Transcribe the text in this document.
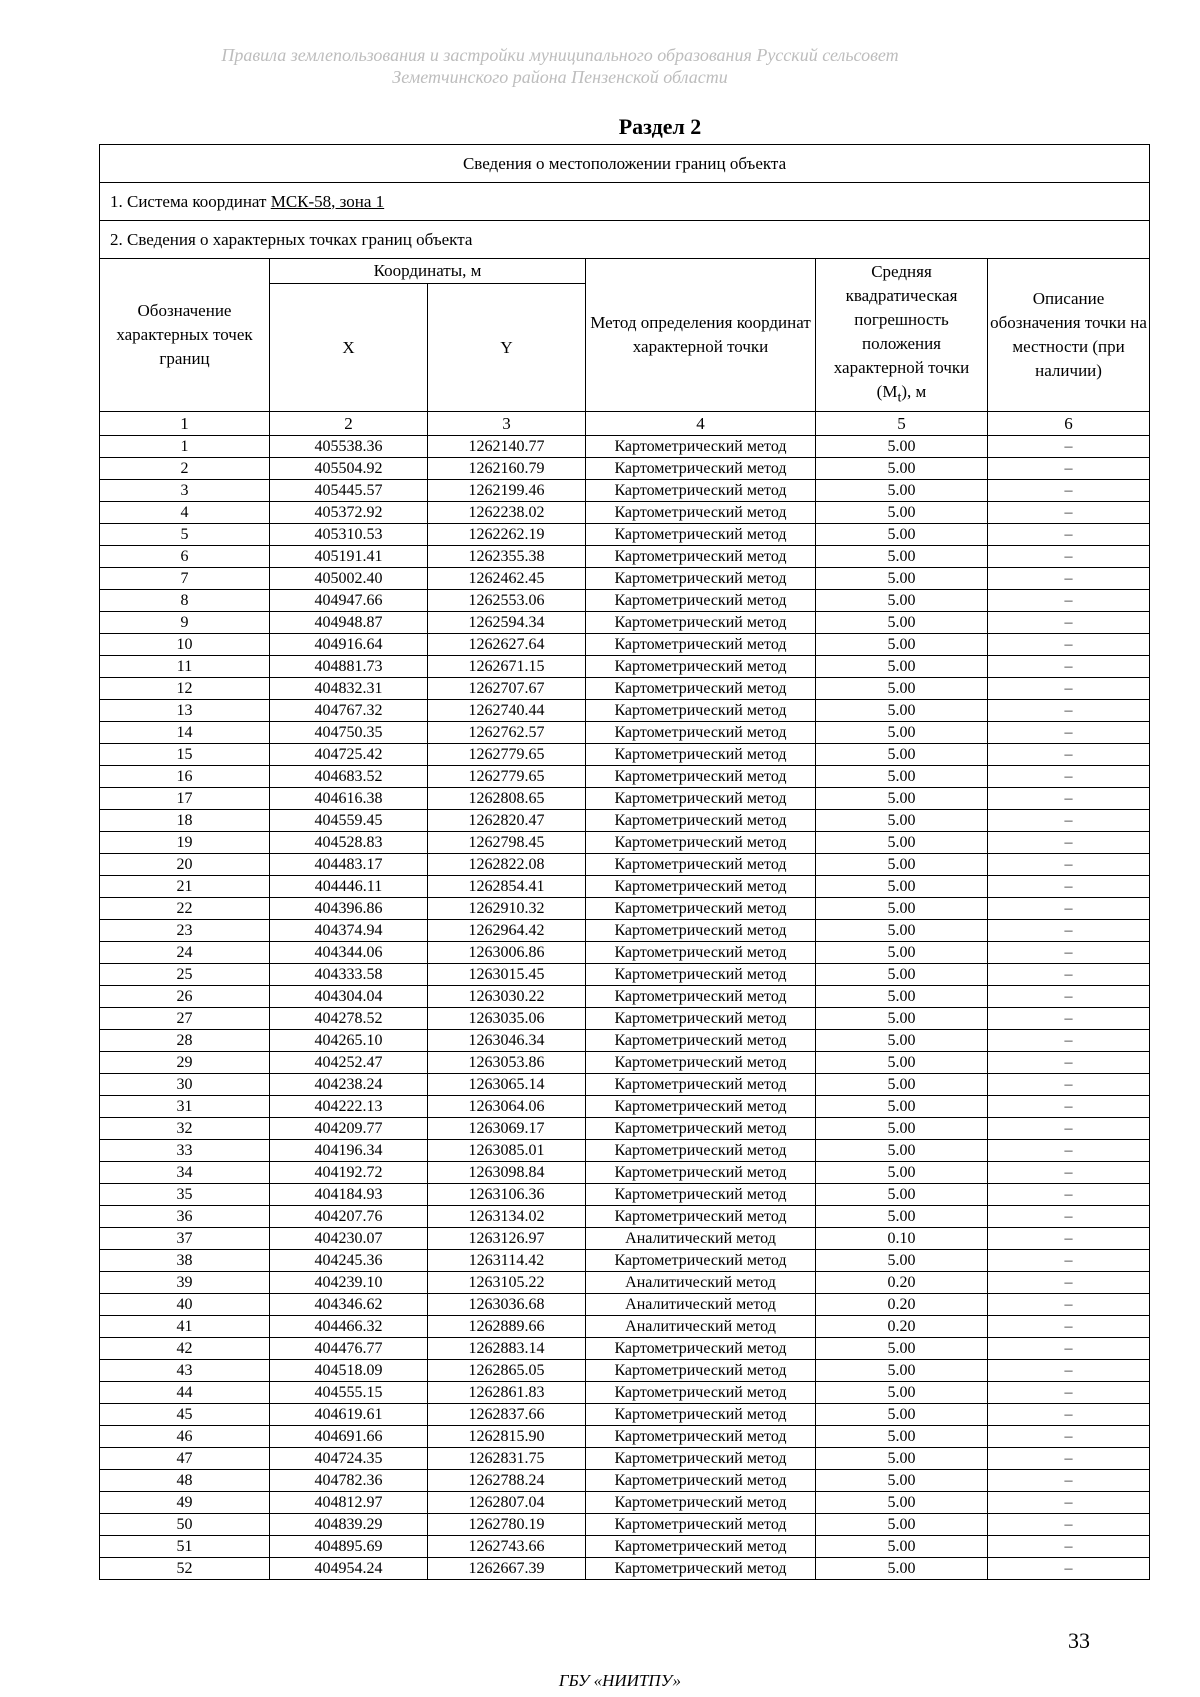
Правила землепользования и застройки муниципального образования Русский сельсовет
Земетчинского района Пензенской области
Раздел 2
Сведения о местоположении границ объекта					
1. Система координат МСК-58, зона 1					
2. Сведения о характерных точках границ объекта					
Обозначение характерных точек границ	Координаты, м		Метод определения координат характерной точки	Средняя квадратическая погрешность положения характерной точки $(M_t)$, м	Описание обозначения точки на местности (при наличии)
	X	Y			
1	2	3	4	5	6
1	405538.36	1262140.77	Картометрический метод	5.00	–
2	405504.92	1262160.79	Картометрический метод	5.00	–
3	405445.57	1262199.46	Картометрический метод	5.00	–
4	405372.92	1262238.02	Картометрический метод	5.00	–
5	405310.53	1262262.19	Картометрический метод	5.00	–
6	405191.41	1262355.38	Картометрический метод	5.00	–
7	405002.40	1262462.45	Картометрический метод	5.00	–
8	404947.66	1262553.06	Картометрический метод	5.00	–
9	404948.87	1262594.34	Картометрический метод	5.00	–
10	404916.64	1262627.64	Картометрический метод	5.00	–
11	404881.73	1262671.15	Картометрический метод	5.00	–
12	404832.31	1262707.67	Картометрический метод	5.00	–
13	404767.32	1262740.44	Картометрический метод	5.00	–
14	404750.35	1262762.57	Картометрический метод	5.00	–
15	404725.42	1262779.65	Картометрический метод	5.00	–
16	404683.52	1262779.65	Картометрический метод	5.00	–
17	404616.38	1262808.65	Картометрический метод	5.00	–
18	404559.45	1262820.47	Картометрический метод	5.00	–
19	404528.83	1262798.45	Картометрический метод	5.00	–
20	404483.17	1262822.08	Картометрический метод	5.00	–
21	404446.11	1262854.41	Картометрический метод	5.00	–
22	404396.86	1262910.32	Картометрический метод	5.00	–
23	404374.94	1262964.42	Картометрический метод	5.00	–
24	404344.06	1263006.86	Картометрический метод	5.00	–
25	404333.58	1263015.45	Картометрический метод	5.00	–
26	404304.04	1263030.22	Картометрический метод	5.00	–
27	404278.52	1263035.06	Картометрический метод	5.00	–
28	404265.10	1263046.34	Картометрический метод	5.00	–
29	404252.47	1263053.86	Картометрический метод	5.00	–
30	404238.24	1263065.14	Картометрический метод	5.00	–
31	404222.13	1263064.06	Картометрический метод	5.00	–
32	404209.77	1263069.17	Картометрический метод	5.00	–
33	404196.34	1263085.01	Картометрический метод	5.00	–
34	404192.72	1263098.84	Картометрический метод	5.00	–
35	404184.93	1263106.36	Картометрический метод	5.00	–
36	404207.76	1263134.02	Картометрический метод	5.00	–
37	404230.07	1263126.97	Аналитический метод	0.10	–
38	404245.36	1263114.42	Картометрический метод	5.00	–
39	404239.10	1263105.22	Аналитический метод	0.20	–
40	404346.62	1263036.68	Аналитический метод	0.20	–
41	404466.32	1262889.66	Аналитический метод	0.20	–
42	404476.77	1262883.14	Картометрический метод	5.00	–
43	404518.09	1262865.05	Картометрический метод	5.00	–
44	404555.15	1262861.83	Картометрический метод	5.00	–
45	404619.61	1262837.66	Картометрический метод	5.00	–
46	404691.66	1262815.90	Картометрический метод	5.00	–
47	404724.35	1262831.75	Картометрический метод	5.00	–
48	404782.36	1262788.24	Картометрический метод	5.00	–
49	404812.97	1262807.04	Картометрический метод	5.00	–
50	404839.29	1262780.19	Картометрический метод	5.00	–
51	404895.69	1262743.66	Картометрический метод	5.00	–
52	404954.24	1262667.39	Картометрический метод	5.00	–
33
ГБУ «НИИТПУ»
